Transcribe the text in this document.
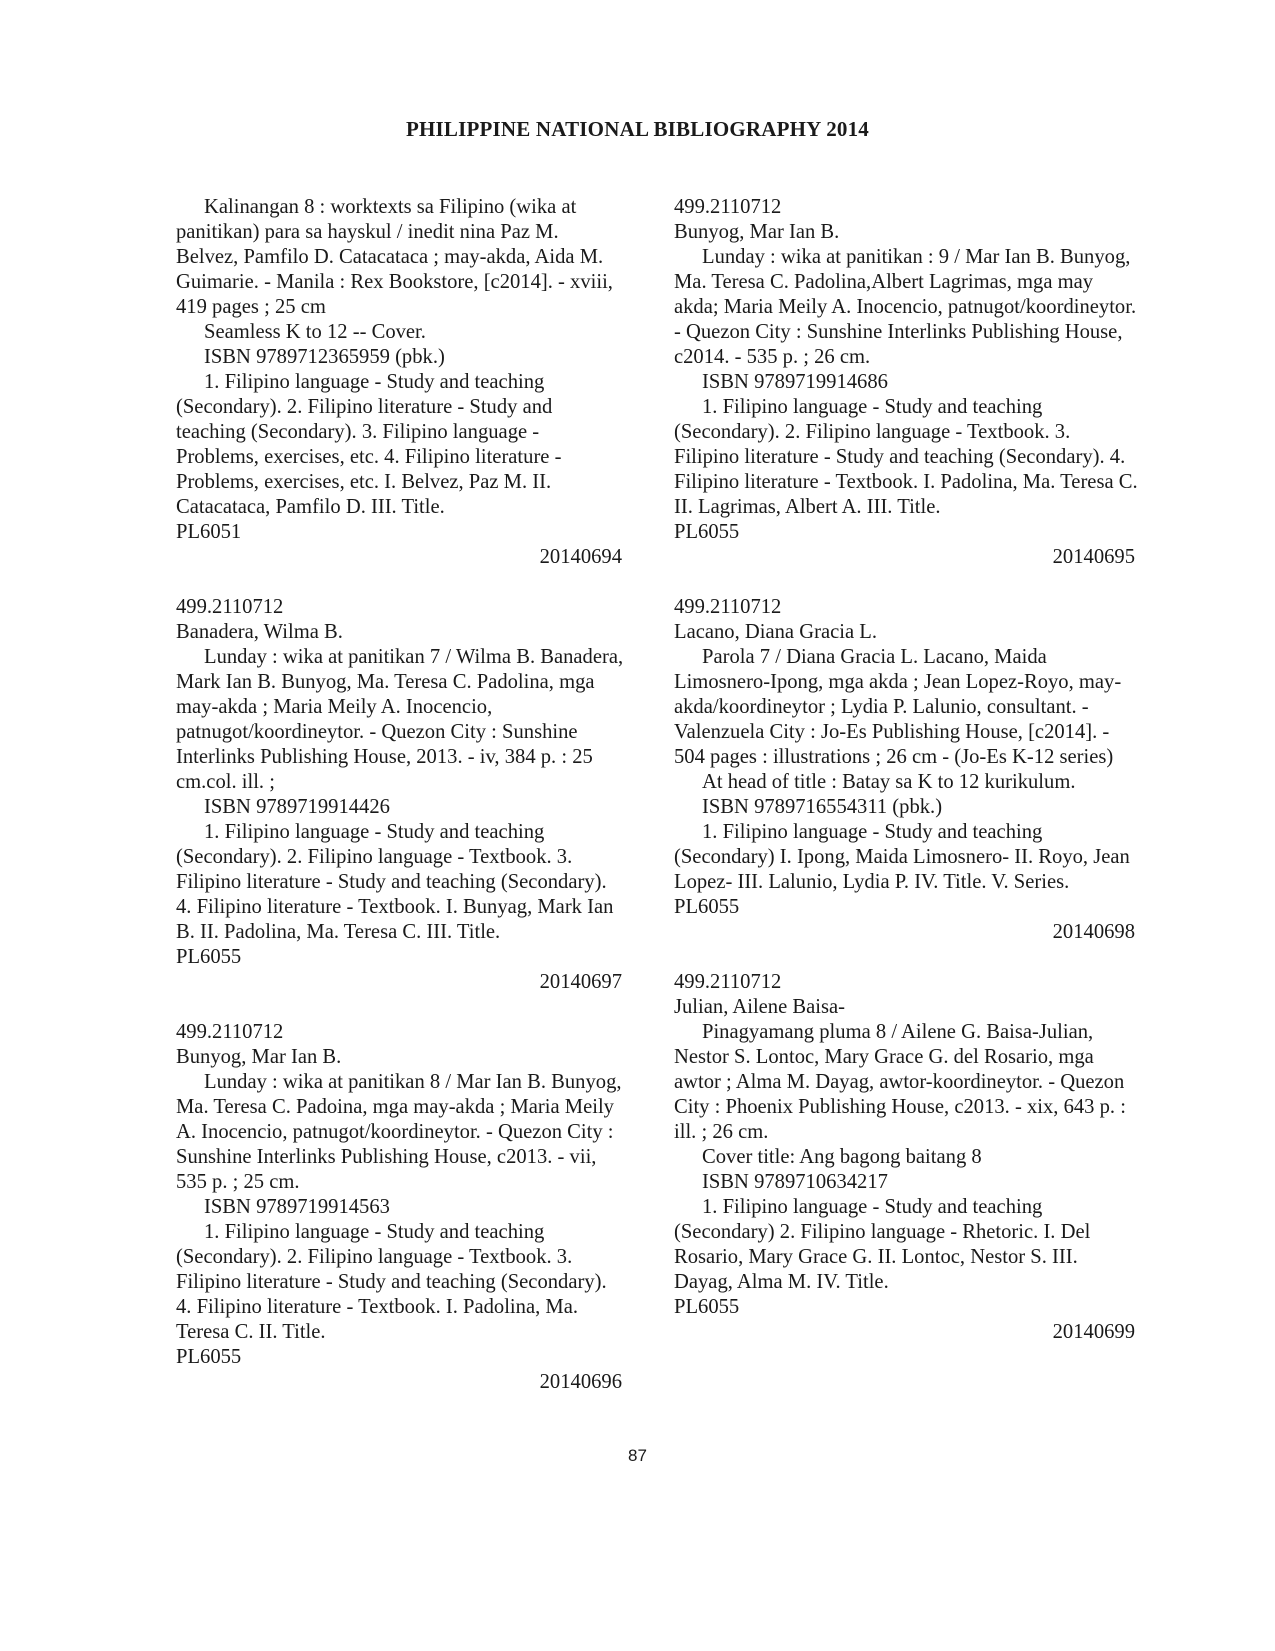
PHILIPPINE NATIONAL BIBLIOGRAPHY 2014

Kalinangan 8 : worktexts sa Filipino (wika at panitikan) para sa hayskul / inedit nina Paz M. Belvez, Pamfilo D. Catacataca ; may-akda, Aida M. Guimarie. - Manila : Rex Bookstore, [c2014]. - xviii, 419 pages ; 25 cm

Seamless K to 12 -- Cover.

ISBN 9789712365959 (pbk.)

1. Filipino language - Study and teaching (Secondary). 2. Filipino literature - Study and teaching (Secondary). 3. Filipino language - Problems, exercises, etc. 4. Filipino literature - Problems, exercises, etc. I. Belvez, Paz M. II. Catacataca, Pamfilo D. III. Title.

PL6051

20140694

499.2110712

Banadera, Wilma B.

Lunday : wika at panitikan 7 / Wilma B. Banadera, Mark Ian B. Bunyog, Ma. Teresa C. Padolina, mga may-akda ; Maria Meily A. Inocencio, patnugot/koordineytor. - Quezon City : Sunshine Interlinks Publishing House, 2013. - iv, 384 p. : 25 cm.col. ill. ;

ISBN 9789719914426

1. Filipino language - Study and teaching (Secondary). 2. Filipino language - Textbook. 3. Filipino literature - Study and teaching (Secondary). 4. Filipino literature - Textbook. I. Bunyag, Mark Ian B. II. Padolina, Ma. Teresa C. III. Title.

PL6055

20140697

499.2110712

Bunyog, Mar Ian B.

Lunday : wika at panitikan 8 / Mar Ian B. Bunyog, Ma. Teresa C. Padoina, mga may-akda ; Maria Meily A. Inocencio, patnugot/koordineytor. - Quezon City : Sunshine Interlinks Publishing House, c2013. - vii, 535 p. ; 25 cm.

ISBN 9789719914563

1. Filipino language - Study and teaching (Secondary). 2. Filipino language - Textbook. 3. Filipino literature - Study and teaching (Secondary). 4. Filipino literature - Textbook. I. Padolina, Ma. Teresa C. II. Title.

PL6055

20140696

499.2110712

Bunyog, Mar Ian B.

Lunday : wika at panitikan : 9 / Mar Ian B. Bunyog, Ma. Teresa C. Padolina,Albert Lagrimas, mga may akda; Maria Meily A. Inocencio, patnugot/koordineytor. - Quezon City : Sunshine Interlinks Publishing House, c2014. - 535 p. ; 26 cm.

ISBN 9789719914686

1. Filipino language - Study and teaching (Secondary). 2. Filipino language - Textbook. 3. Filipino literature - Study and teaching (Secondary). 4. Filipino literature - Textbook. I. Padolina, Ma. Teresa C. II. Lagrimas, Albert A. III. Title.

PL6055

20140695

499.2110712

Lacano, Diana Gracia L.

Parola 7 / Diana Gracia L. Lacano, Maida Limosnero-Ipong, mga akda ; Jean Lopez-Royo, may-akda/koordineytor ; Lydia P. Lalunio, consultant. - Valenzuela City : Jo-Es Publishing House, [c2014]. - 504 pages : illustrations ; 26 cm - (Jo-Es K-12 series)

At head of title : Batay sa K to 12 kurikulum.

ISBN 9789716554311 (pbk.)

1. Filipino language - Study and teaching (Secondary) I. Ipong, Maida Limosnero- II. Royo, Jean Lopez- III. Lalunio, Lydia P. IV. Title. V. Series.

PL6055

20140698

499.2110712

Julian, Ailene Baisa-

Pinagyamang pluma 8 / Ailene G. Baisa-Julian, Nestor S. Lontoc, Mary Grace G. del Rosario, mga awtor ; Alma M. Dayag, awtor-koordineytor. - Quezon City : Phoenix Publishing House, c2013. - xix, 643 p. : ill. ; 26 cm.

Cover title: Ang bagong baitang 8

ISBN 9789710634217

1. Filipino language - Study and teaching (Secondary) 2. Filipino language - Rhetoric. I. Del Rosario, Mary Grace G. II. Lontoc, Nestor S. III. Dayag, Alma M. IV. Title.

PL6055

20140699

87
